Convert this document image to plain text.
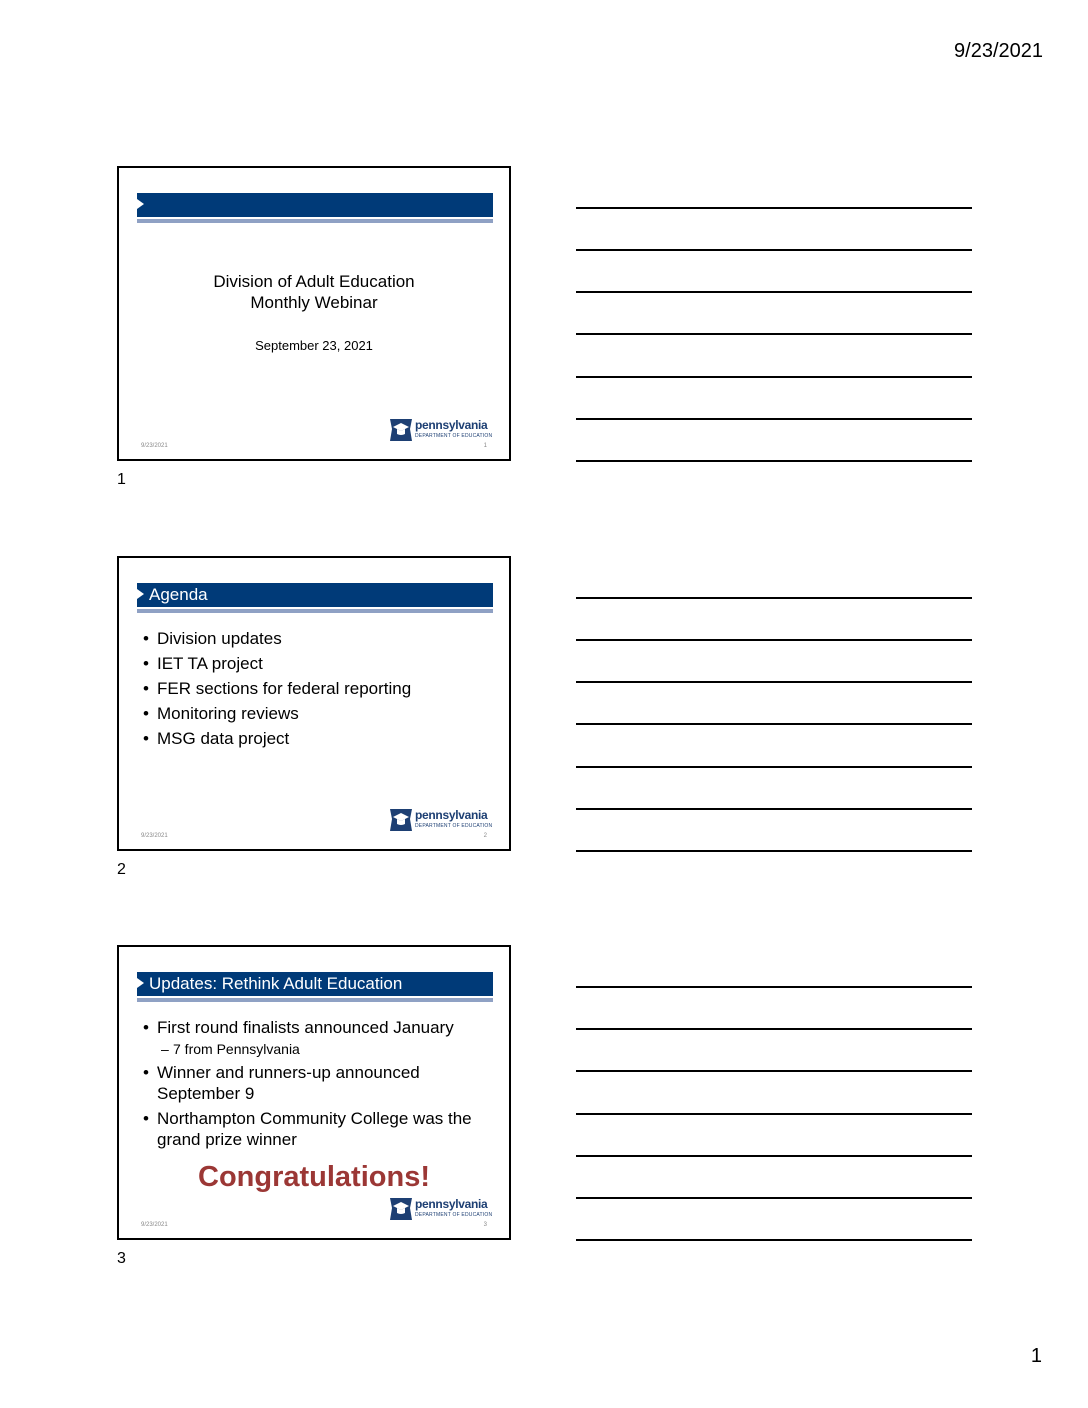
9/23/2021
Division of Adult Education
Monthly Webinar
September 23, 2021
pennsylvania
DEPARTMENT OF EDUCATION
9/23/2021	1
1
Agenda
• Division updates
• IET TA project
• FER sections for federal reporting
• Monitoring reviews
• MSG data project
pennsylvania
DEPARTMENT OF EDUCATION
9/23/2021	2
2
Updates: Rethink Adult Education
• First round finalists announced January
– 7 from Pennsylvania
• Winner and runners-up announced September 9
• Northampton Community College was the grand prize winner
Congratulations!
pennsylvania
DEPARTMENT OF EDUCATION
9/23/2021	3
3
1
